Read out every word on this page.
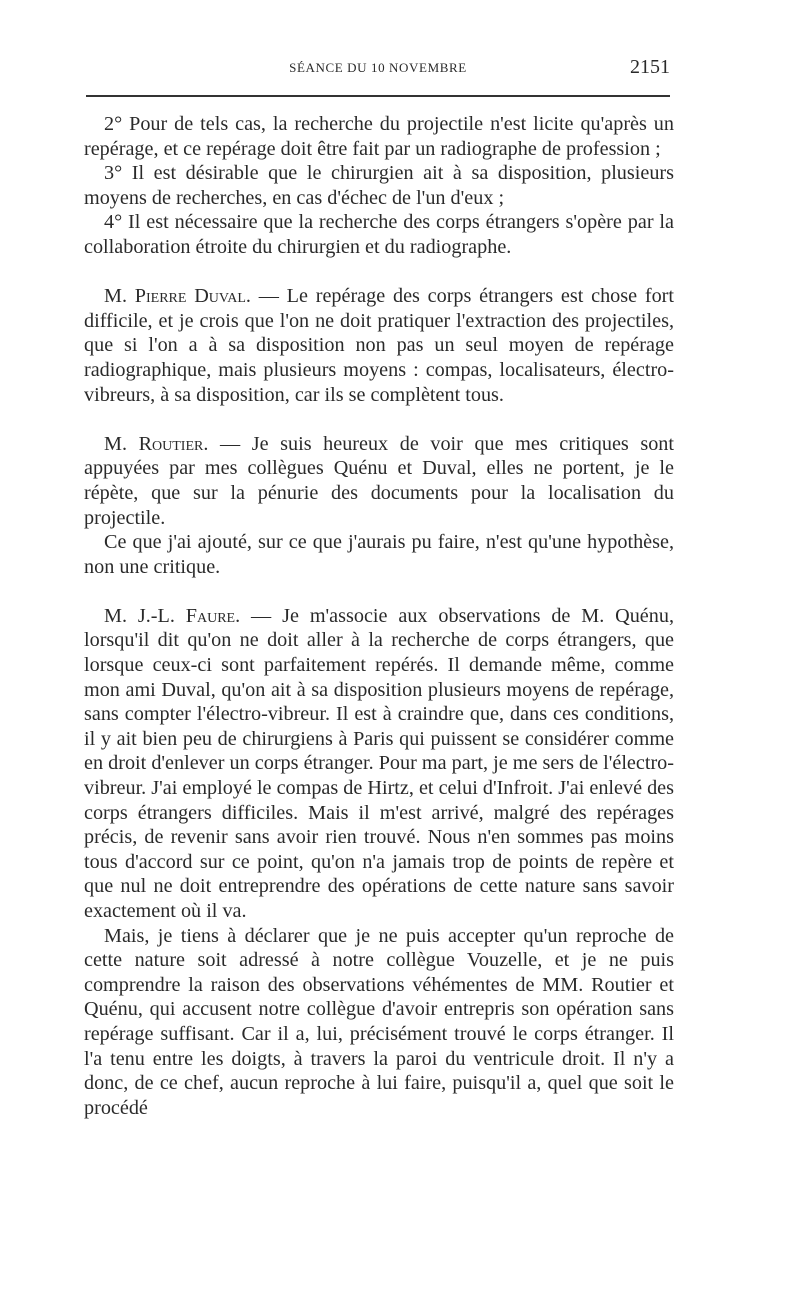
SÉANCE DU 10 NOVEMBRE	2151

2° Pour de tels cas, la recherche du projectile n'est licite qu'après un repérage, et ce repérage doit être fait par un radiographe de profession ;

3° Il est désirable que le chirurgien ait à sa disposition, plusieurs moyens de recherches, en cas d'échec de l'un d'eux ;

4° Il est nécessaire que la recherche des corps étrangers s'opère par la collaboration étroite du chirurgien et du radiographe.

M. Pierre Duval. — Le repérage des corps étrangers est chose fort difficile, et je crois que l'on ne doit pratiquer l'extraction des projectiles, que si l'on a à sa disposition non pas un seul moyen de repérage radiographique, mais plusieurs moyens : compas, localisateurs, électro-vibreurs, à sa disposition, car ils se complètent tous.

M. Routier. — Je suis heureux de voir que mes critiques sont appuyées par mes collègues Quénu et Duval, elles ne portent, je le répète, que sur la pénurie des documents pour la localisation du projectile.

Ce que j'ai ajouté, sur ce que j'aurais pu faire, n'est qu'une hypothèse, non une critique.

M. J.-L. Faure. — Je m'associe aux observations de M. Quénu, lorsqu'il dit qu'on ne doit aller à la recherche de corps étrangers, que lorsque ceux-ci sont parfaitement repérés. Il demande même, comme mon ami Duval, qu'on ait à sa disposition plusieurs moyens de repérage, sans compter l'électro-vibreur. Il est à craindre que, dans ces conditions, il y ait bien peu de chirurgiens à Paris qui puissent se considérer comme en droit d'enlever un corps étranger. Pour ma part, je me sers de l'électro-vibreur. J'ai employé le compas de Hirtz, et celui d'Infroit. J'ai enlevé des corps étrangers difficiles. Mais il m'est arrivé, malgré des repérages précis, de revenir sans avoir rien trouvé. Nous n'en sommes pas moins tous d'accord sur ce point, qu'on n'a jamais trop de points de repère et que nul ne doit entreprendre des opérations de cette nature sans savoir exactement où il va.

Mais, je tiens à déclarer que je ne puis accepter qu'un reproche de cette nature soit adressé à notre collègue Vouzelle, et je ne puis comprendre la raison des observations véhémentes de MM. Routier et Quénu, qui accusent notre collègue d'avoir entrepris son opération sans repérage suffisant. Car il a, lui, précisément trouvé le corps étranger. Il l'a tenu entre les doigts, à travers la paroi du ventricule droit. Il n'y a donc, de ce chef, aucun reproche à lui faire, puisqu'il a, quel que soit le procédé
